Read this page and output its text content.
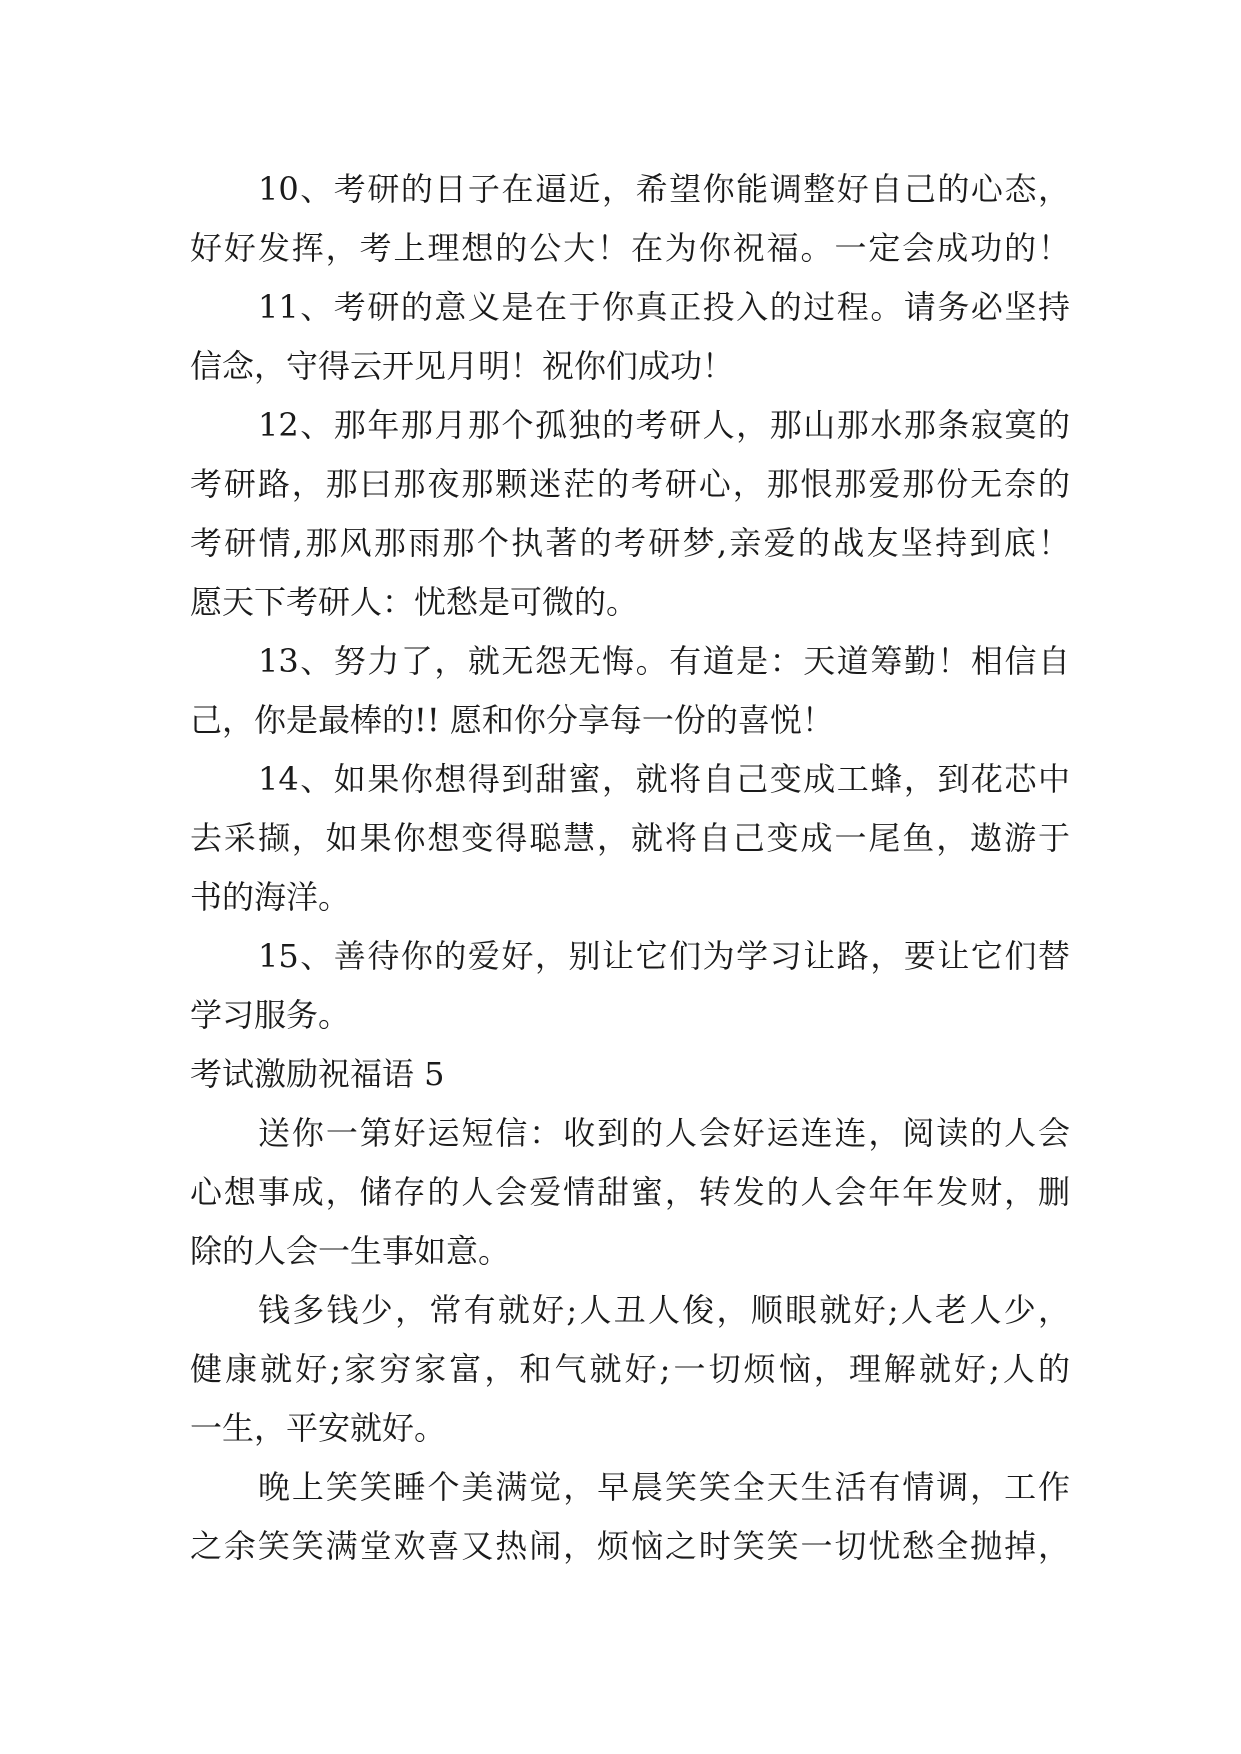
10、考研的日子在逼近，希望你能调整好自己的心态，
好好发挥，考上理想的公大！在为你祝福。一定会成功的！
11、考研的意义是在于你真正投入的过程。请务必坚持
信念，守得云开见月明！祝你们成功！
12、那年那月那个孤独的考研人，那山那水那条寂寞的
考研路，那曰那夜那颗迷茫的考研心，那恨那爱那份无奈的
考研情,那风那雨那个执著的考研梦,亲爱的战友坚持到底！
愿天下考研人：忧愁是可微的。
13、努力了，就无怨无悔。有道是：天道筹勤！相信自
己，你是最棒的!! 愿和你分享每一份的喜悦！
14、如果你想得到甜蜜，就将自己变成工蜂，到花芯中
去采撷，如果你想变得聪慧，就将自己变成一尾鱼，遨游于
书的海洋。
15、善待你的爱好，别让它们为学习让路，要让它们替
学习服务。
考试激励祝福语 5
送你一第好运短信：收到的人会好运连连，阅读的人会
心想事成，储存的人会爱情甜蜜，转发的人会年年发财，删
除的人会一生事如意。
钱多钱少，常有就好;人丑人俊，顺眼就好;人老人少，
健康就好;家穷家富，和气就好;一切烦恼，理解就好;人的
一生，平安就好。
晚上笑笑睡个美满觉，早晨笑笑全天生活有情调，工作
之余笑笑满堂欢喜又热闹，烦恼之时笑笑一切忧愁全抛掉，
